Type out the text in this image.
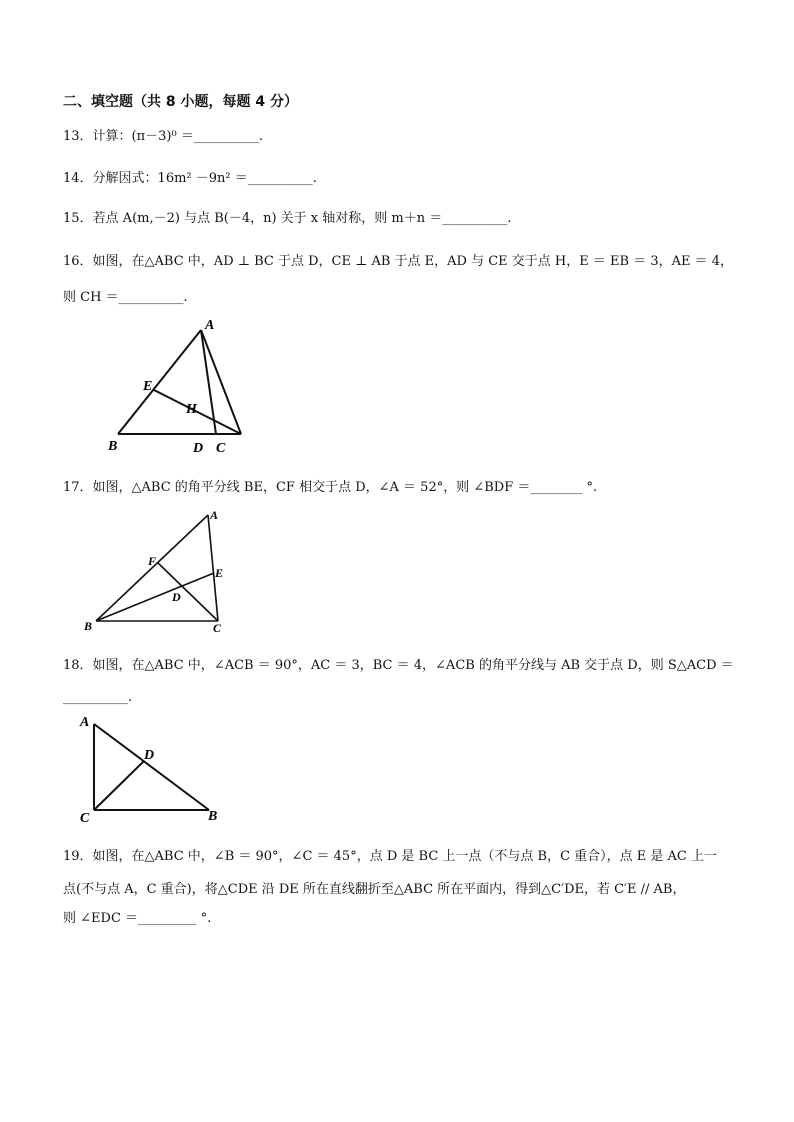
二、填空题（共 8 小题，每题 4 分）
13．计算：(π－3)⁰ ＝__________.
14．分解因式：16m² －9n² ＝__________.
15．若点 A(m,－2) 与点 B(－4，n) 关于 x 轴对称，则 m＋n ＝__________.
16．如图，在△ABC 中，AD ⊥ BC 于点 D，CE ⊥ AB 于点 E，AD 与 CE 交于点 H，E ＝ EB ＝ 3，AE ＝ 4，
则 CH ＝__________.
A
B	C
D
E
H
17．如图，△ABC 的角平分线 BE，CF 相交于点 D，∠A ＝ 52°，则 ∠BDF ＝________ °.
A
B	C
D
E
F
18．如图，在△ABC 中，∠ACB ＝ 90°，AC ＝ 3，BC ＝ 4，∠ACB 的角平分线与 AB 交于点 D，则 S△ACD ＝
__________.
A
B
C
D
19．如图，在△ABC 中，∠B ＝ 90°，∠C ＝ 45°，点 D 是 BC 上一点（不与点 B，C 重合），点 E 是 AC 上一
点(不与点 A，C 重合)，将△CDE 沿 DE 所在直线翻折至△ABC 所在平面内，得到△C′DE，若 C′E // AB，
则 ∠EDC ＝_________ °.
